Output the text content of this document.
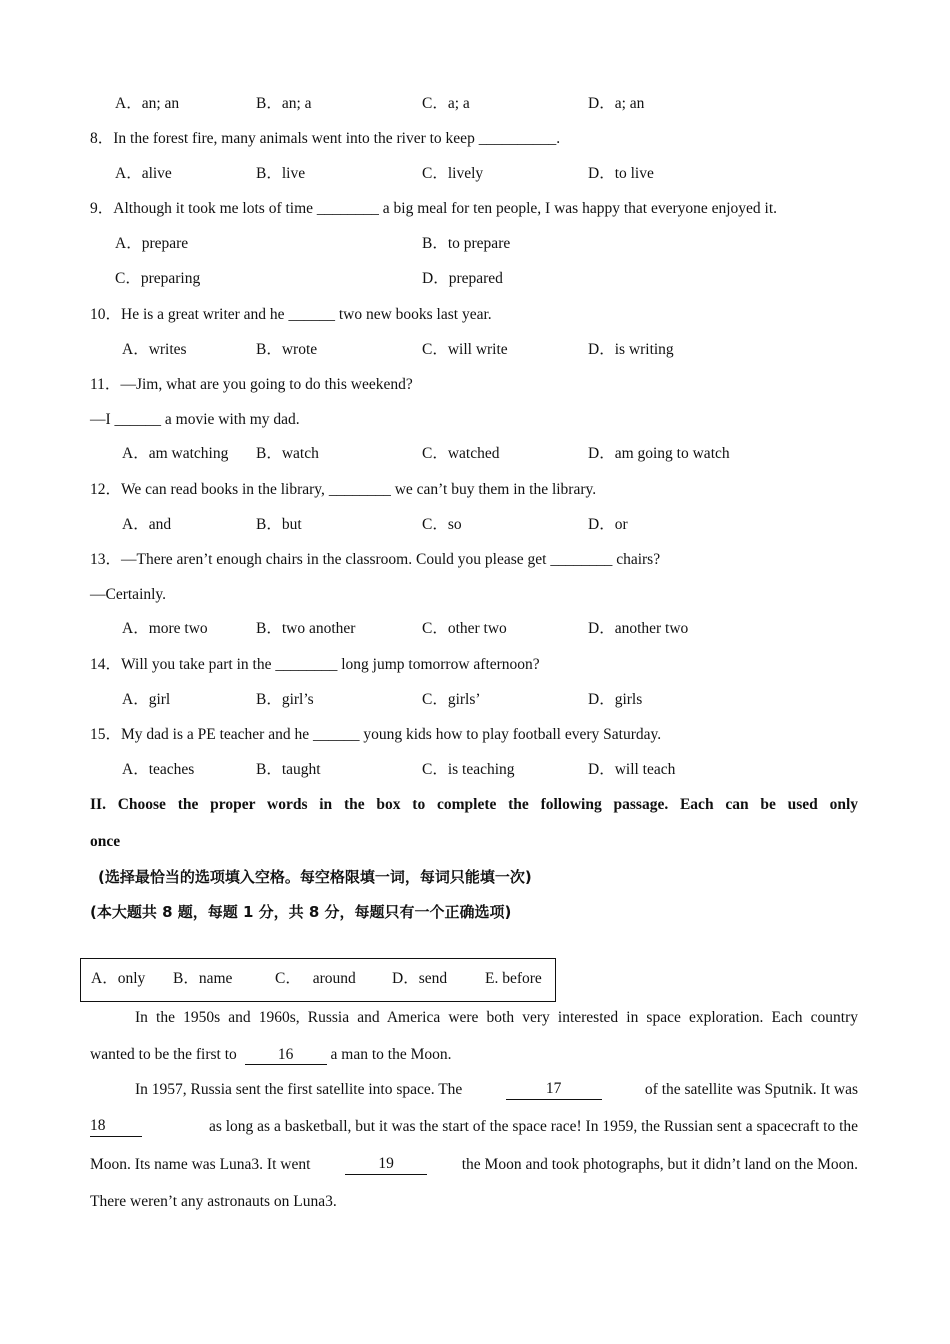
A．an; an	B．an; a	C．a; a	D．a; an
8．In the forest fire, many animals went into the river to keep __________.
A．alive	B．live	C．lively	D．to live
9．Although it took me lots of time ________ a big meal for ten people, I was happy that everyone enjoyed it.
A．prepare	B．to prepare
C．preparing	D．prepared
10．He is a great writer and he ______ two new books last year.
A．writes	B．wrote	C．will write	D．is writing
11．—Jim, what are you going to do this weekend?
—I ______ a movie with my dad.
A．am watching B．watch	C．watched	D．am going to watch
12．We can read books in the library, ________ we can’t buy them in the library.
A．and	B．but	C．so	D．or
13．—There aren’t enough chairs in the classroom. Could you please get ________ chairs?
—Certainly.
A．more two	B．two another	C．other two	D．another two
14．Will you take part in the ________ long jump tomorrow afternoon?
A．girl	B．girl’s	C．girls’	D．girls
15．My dad is a PE teacher and he ______ young kids how to play football every Saturday.
A．teaches	B．taught	C．is teaching	D．will teach
II. Choose the proper words in the box to complete the following passage. Each can be used only
once
(选择最恰当的选项填入空格。每空格限填一词，每词只能填一次)
(本大题共 8 题，每题 1 分，共 8 分，每题只有一个正确选项)
A．only B．name	C． around D．send E. before
In the 1950s and 1960s, Russia and America were both very interested in space exploration. Each country
wanted to be the first to 16 a man to the Moon.
In 1957, Russia sent the first satellite into space. The	17	of the satellite was Sputnik. It was
18	as long as a basketball, but it was the start of the space race! In 1959, the Russian sent a spacecraft to the
Moon. Its name was Luna3. It went	19	the Moon and took photographs, but it didn’t land on the Moon.
There weren’t any astronauts on Luna3.
